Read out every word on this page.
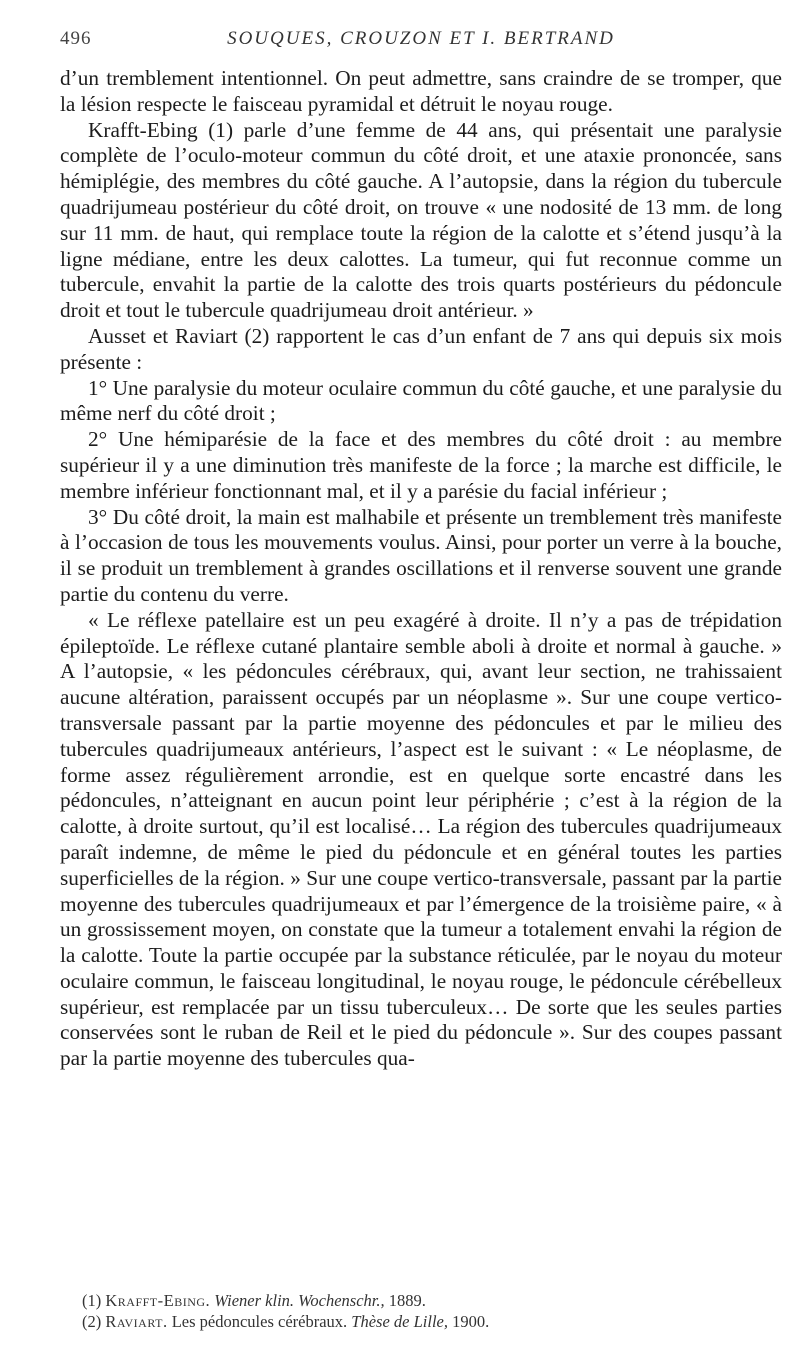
496	SOUQUES, CROUZON ET I. BERTRAND

d’un tremblement intentionnel. On peut admettre, sans craindre de se tromper, que la lésion respecte le faisceau pyramidal et détruit le noyau rouge.

Krafft-Ebing (1) parle d’une femme de 44 ans, qui présentait une paralysie complète de l’oculo-moteur commun du côté droit, et une ataxie prononcée, sans hémiplégie, des membres du côté gauche. A l’autopsie, dans la région du tubercule quadrijumeau postérieur du côté droit, on trouve « une nodosité de 13 mm. de long sur 11 mm. de haut, qui remplace toute la région de la calotte et s’étend jusqu’à la ligne médiane, entre les deux calottes. La tumeur, qui fut reconnue comme un tubercule, envahit la partie de la calotte des trois quarts postérieurs du pédoncule droit et tout le tubercule quadrijumeau droit antérieur. »

Ausset et Raviart (2) rapportent le cas d’un enfant de 7 ans qui depuis six mois présente :

1° Une paralysie du moteur oculaire commun du côté gauche, et une paralysie du même nerf du côté droit ;

2° Une hémiparésie de la face et des membres du côté droit : au membre supérieur il y a une diminution très manifeste de la force ; la marche est difficile, le membre inférieur fonctionnant mal, et il y a parésie du facial inférieur ;

3° Du côté droit, la main est malhabile et présente un tremblement très manifeste à l’occasion de tous les mouvements voulus. Ainsi, pour porter un verre à la bouche, il se produit un tremblement à grandes oscillations et il renverse souvent une grande partie du contenu du verre.

« Le réflexe patellaire est un peu exagéré à droite. Il n’y a pas de trépidation épileptoïde. Le réflexe cutané plantaire semble aboli à droite et normal à gauche. » A l’autopsie, « les pédoncules cérébraux, qui, avant leur section, ne trahissaient aucune altération, paraissent occupés par un néoplasme ». Sur une coupe vertico-transversale passant par la partie moyenne des pédoncules et par le milieu des tubercules quadrijumeaux antérieurs, l’aspect est le suivant : « Le néoplasme, de forme assez régulièrement arrondie, est en quelque sorte encastré dans les pédoncules, n’atteignant en aucun point leur périphérie ; c’est à la région de la calotte, à droite surtout, qu’il est localisé… La région des tubercules quadrijumeaux paraît indemne, de même le pied du pédoncule et en général toutes les parties superficielles de la région. » Sur une coupe vertico-transversale, passant par la partie moyenne des tubercules quadrijumeaux et par l’émergence de la troisième paire, « à un grossissement moyen, on constate que la tumeur a totalement envahi la région de la calotte. Toute la partie occupée par la substance réticulée, par le noyau du moteur oculaire commun, le faisceau longitudinal, le noyau rouge, le pédoncule cérébelleux supérieur, est remplacée par un tissu tuberculeux… De sorte que les seules parties conservées sont le ruban de Reil et le pied du pédoncule ». Sur des coupes passant par la partie moyenne des tubercules qua-

(1) Krafft-Ebing. Wiener klin. Wochenschr., 1889.

(2) Raviart. Les pédoncules cérébraux. Thèse de Lille, 1900.
